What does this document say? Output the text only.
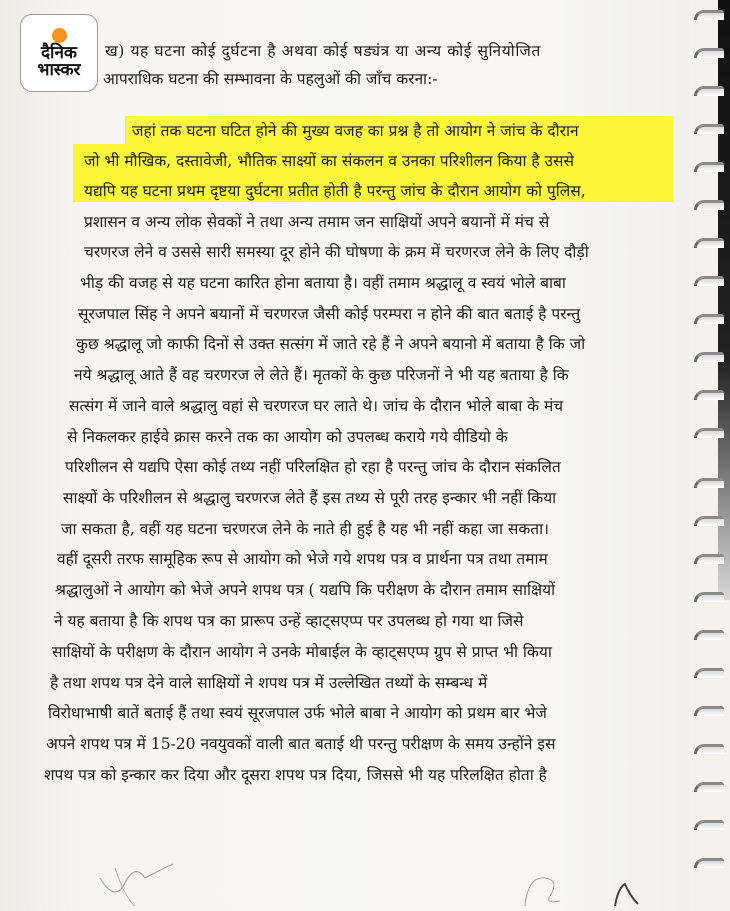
दैनिक
भास्कर
ख) यह घटना कोई दुर्घटना है अथवा कोई षड्यंत्र या अन्य कोई सुनियोजित
आपराधिक घटना की सम्भावना के पहलुओं की जाँच करना:-
जहां तक घटना घटित होने की मुख्य वजह का प्रश्न है तो आयोग ने जांच के दौरान
जो भी मौखिक, दस्तावेजी, भौतिक साक्ष्यों का संकलन व उनका परिशीलन किया है उससे
यद्यपि यह घटना प्रथम दृष्टया दुर्घटना प्रतीत होती है परन्तु जांच के दौरान आयोग को पुलिस,
प्रशासन व अन्य लोक सेवकों ने तथा अन्य तमाम जन साक्षियों अपने बयानों में मंच से
चरणरज लेने व उससे सारी समस्या दूर होने की घोषणा के क्रम में चरणरज लेने के लिए दौड़ी
भीड़ की वजह से यह घटना कारित होना बताया है। वहीं तमाम श्रद्धालू व स्वयं भोले बाबा
सूरजपाल सिंह ने अपने बयानों में चरणरज जैसी कोई परम्परा न होने की बात बताई है परन्तु
कुछ श्रद्धालू जो काफी दिनों से उक्त सत्संग में जाते रहे हैं ने अपने बयानो में बताया है कि जो
नये श्रद्धालू आते हैं वह चरणरज ले लेते हैं। मृतकों के कुछ परिजनों ने भी यह बताया है कि
सत्संग में जाने वाले श्रद्धालु वहां से चरणरज घर लाते थे। जांच के दौरान भोले बाबा के मंच
से निकलकर हाईवे क्रास करने तक का आयोग को उपलब्ध कराये गये वीडियो के
परिशीलन से यद्यपि ऐसा कोई तथ्य नहीं परिलक्षित हो रहा है परन्तु जांच के दौरान संकलित
साक्ष्यों के परिशीलन से श्रद्धालु चरणरज लेते हैं इस तथ्य से पूरी तरह इन्कार भी नहीं किया
जा सकता है, वहीं यह घटना चरणरज लेने के नाते ही हुई है यह भी नहीं कहा जा सकता।
वहीं दूसरी तरफ सामूहिक रूप से आयोग को भेजे गये शपथ पत्र व प्रार्थना पत्र तथा तमाम
श्रद्धालुओं ने आयोग को भेजे अपने शपथ पत्र ( यद्यपि कि परीक्षण के दौरान तमाम साक्षियों
ने यह बताया है कि शपथ पत्र का प्रारूप उन्हें व्हाट्सएप्प पर उपलब्ध हो गया था जिसे
साक्षियों के परीक्षण के दौरान आयोग ने उनके मोबाईल के व्हाट्सएप्प ग्रुप से प्राप्त भी किया
है तथा शपथ पत्र देने वाले साक्षियों ने शपथ पत्र में उल्लेखित तथ्यों के सम्बन्ध में
विरोधाभाषी बातें बताई हैं तथा स्वयं सूरजपाल उर्फ भोले बाबा ने आयोग को प्रथम बार भेजे
अपने शपथ पत्र में 15-20 नवयुवकों वाली बात बताई थी परन्तु परीक्षण के समय उन्होंने इस
शपथ पत्र को इन्कार कर दिया और दूसरा शपथ पत्र दिया, जिससे भी यह परिलक्षित होता है
